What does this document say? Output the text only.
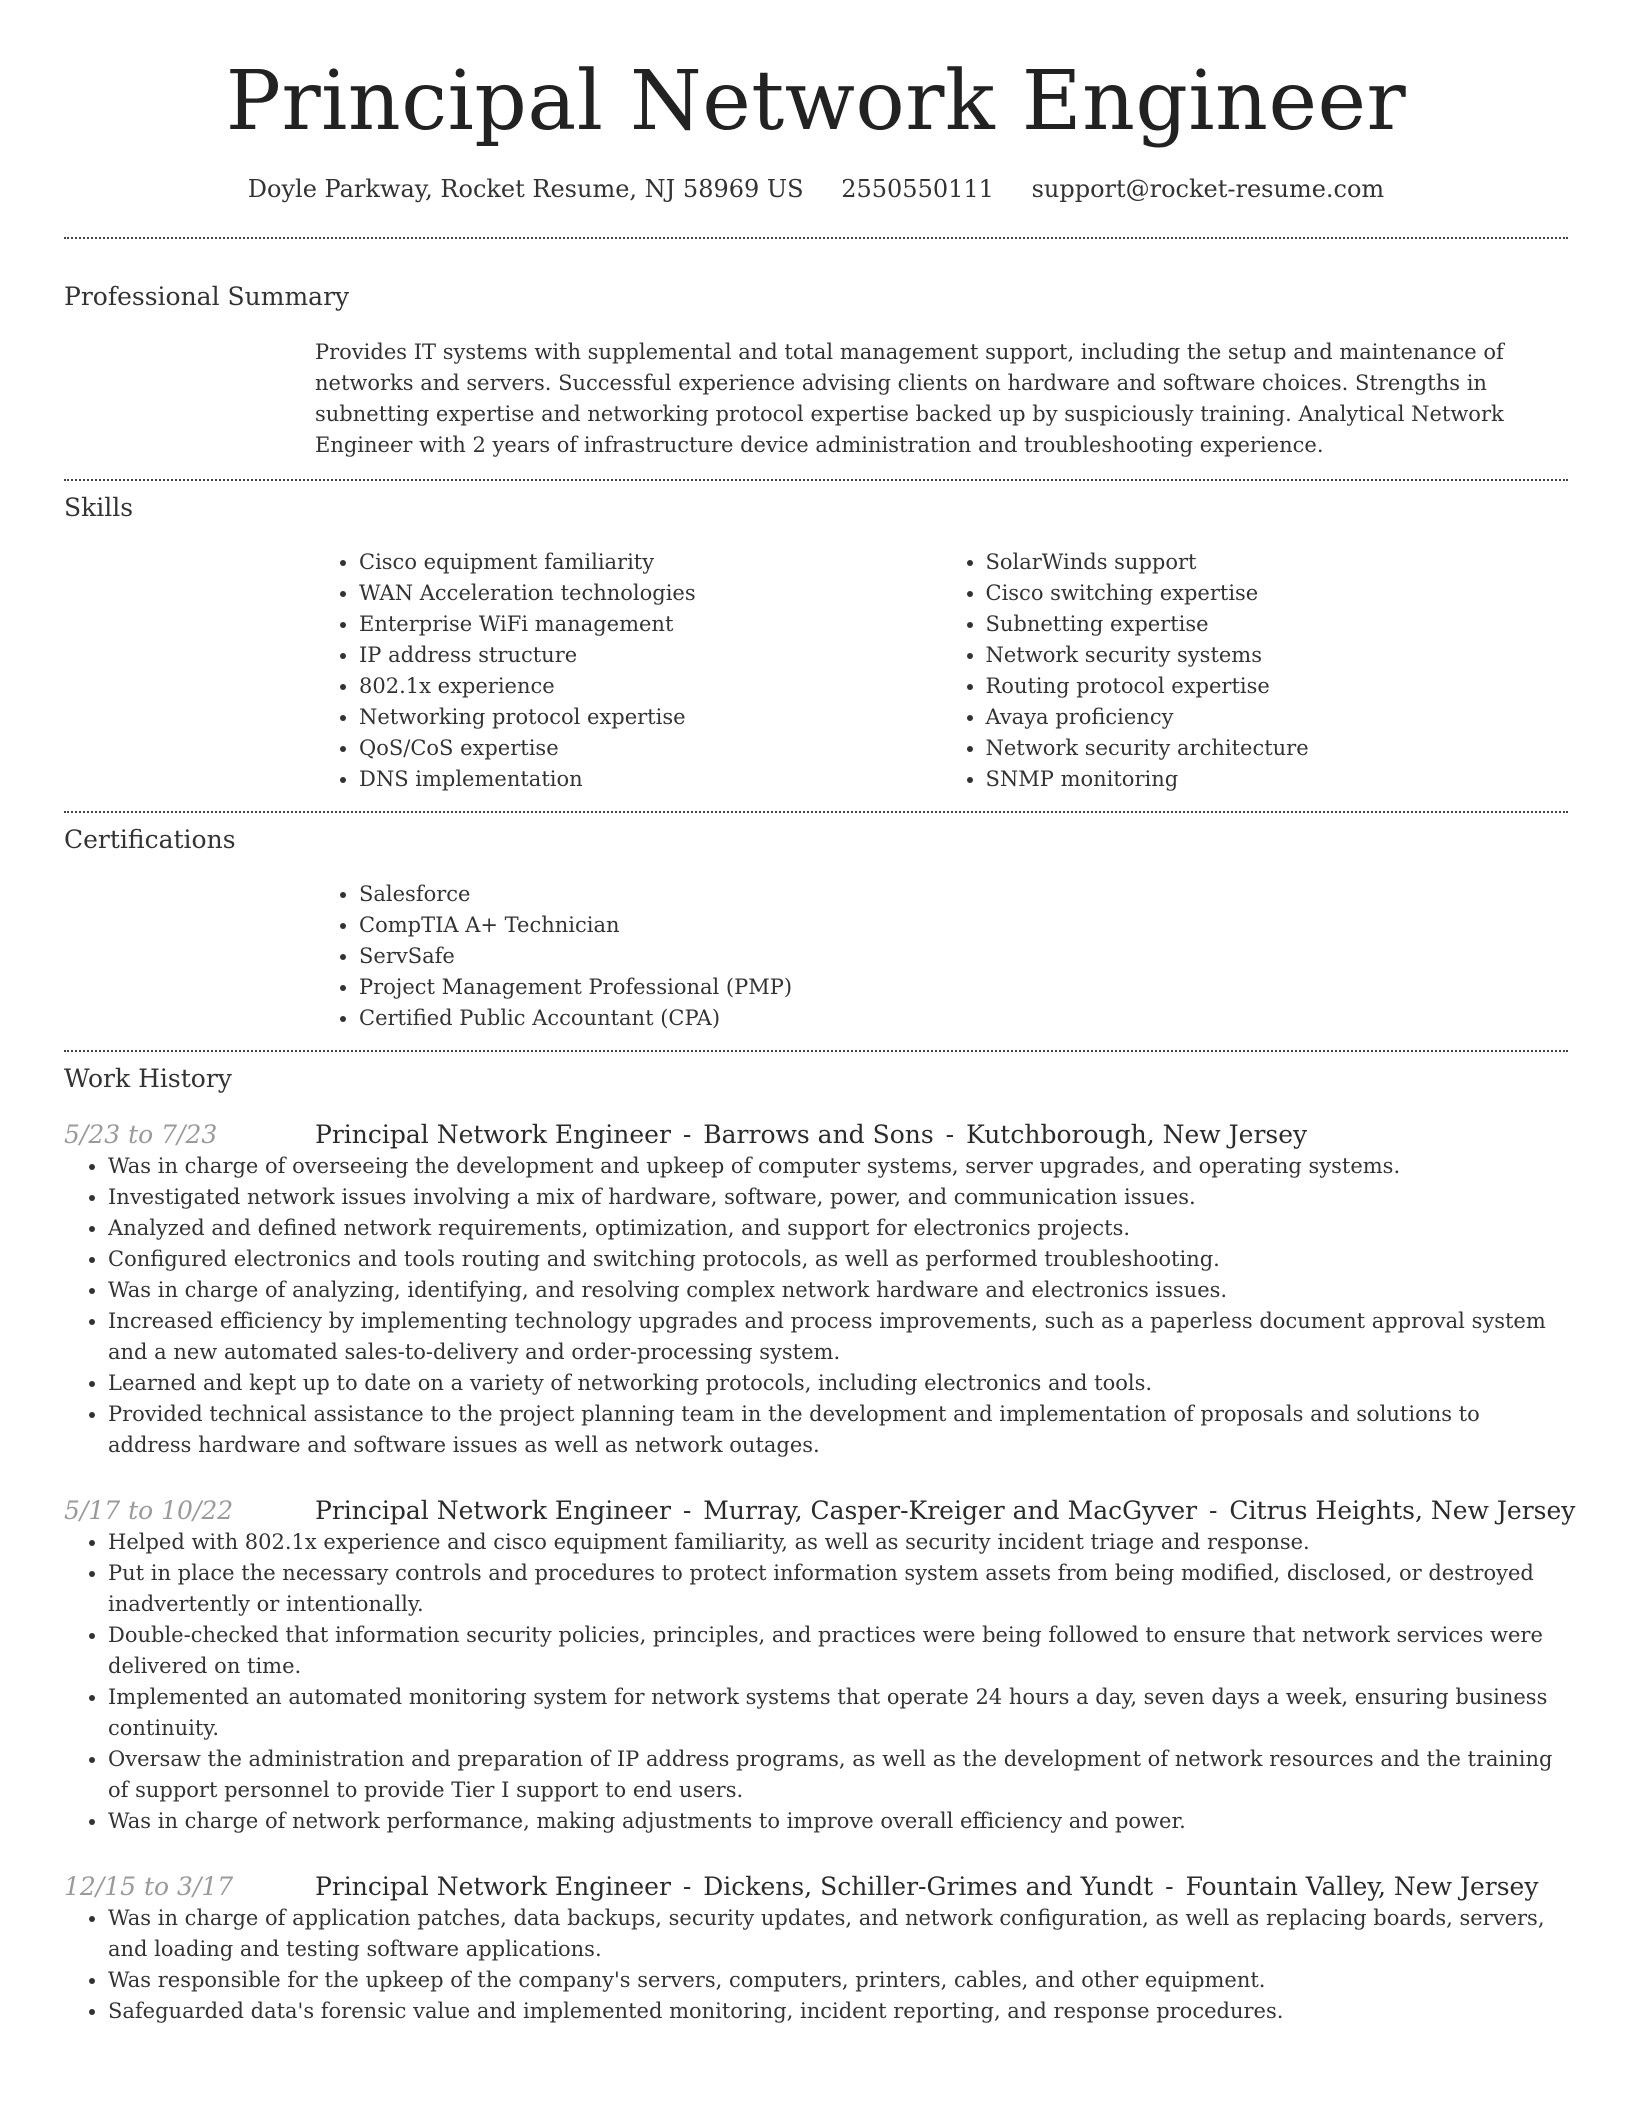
Principal Network Engineer
Doyle Parkway, Rocket Resume, NJ 58969 US 2550550111 support@rocket-resume.com
Professional Summary

Provides IT systems with supplemental and total management support, including the setup and maintenance of networks and servers. Successful experience advising clients on hardware and software choices. Strengths in subnetting expertise and networking protocol expertise backed up by suspiciously training. Analytical Network Engineer with 2 years of infrastructure device administration and troubleshooting experience.

Skills
• Cisco equipment familiarity
• WAN Acceleration technologies
• Enterprise WiFi management
• IP address structure
• 802.1x experience
• Networking protocol expertise
• QoS/CoS expertise
• DNS implementation
• SolarWinds support
• Cisco switching expertise
• Subnetting expertise
• Network security systems
• Routing protocol expertise
• Avaya proficiency
• Network security architecture
• SNMP monitoring
Certifications
• Salesforce
• CompTIA A+ Technician
• ServSafe
• Project Management Professional (PMP)
• Certified Public Accountant (CPA)
Work History
5/23 to 7/23	Principal Network Engineer - Barrows and Sons - Kutchborough, New Jersey
• Was in charge of overseeing the development and upkeep of computer systems, server upgrades, and operating systems.
• Investigated network issues involving a mix of hardware, software, power, and communication issues.
• Analyzed and defined network requirements, optimization, and support for electronics projects.
• Configured electronics and tools routing and switching protocols, as well as performed troubleshooting.
• Was in charge of analyzing, identifying, and resolving complex network hardware and electronics issues.
• Increased efficiency by implementing technology upgrades and process improvements, such as a paperless document approval system and a new automated sales-to-delivery and order-processing system.
• Learned and kept up to date on a variety of networking protocols, including electronics and tools.
• Provided technical assistance to the project planning team in the development and implementation of proposals and solutions to address hardware and software issues as well as network outages.
5/17 to 10/22	Principal Network Engineer - Murray, Casper-Kreiger and MacGyver - Citrus Heights, New Jersey
• Helped with 802.1x experience and cisco equipment familiarity, as well as security incident triage and response.
• Put in place the necessary controls and procedures to protect information system assets from being modified, disclosed, or destroyed inadvertently or intentionally.
• Double-checked that information security policies, principles, and practices were being followed to ensure that network services were delivered on time.
• Implemented an automated monitoring system for network systems that operate 24 hours a day, seven days a week, ensuring business continuity.
• Oversaw the administration and preparation of IP address programs, as well as the development of network resources and the training of support personnel to provide Tier I support to end users.
• Was in charge of network performance, making adjustments to improve overall efficiency and power.
12/15 to 3/17	Principal Network Engineer - Dickens, Schiller-Grimes and Yundt - Fountain Valley, New Jersey
• Was in charge of application patches, data backups, security updates, and network configuration, as well as replacing boards, servers, and loading and testing software applications.
• Was responsible for the upkeep of the company's servers, computers, printers, cables, and other equipment.
• Safeguarded data's forensic value and implemented monitoring, incident reporting, and response procedures.
